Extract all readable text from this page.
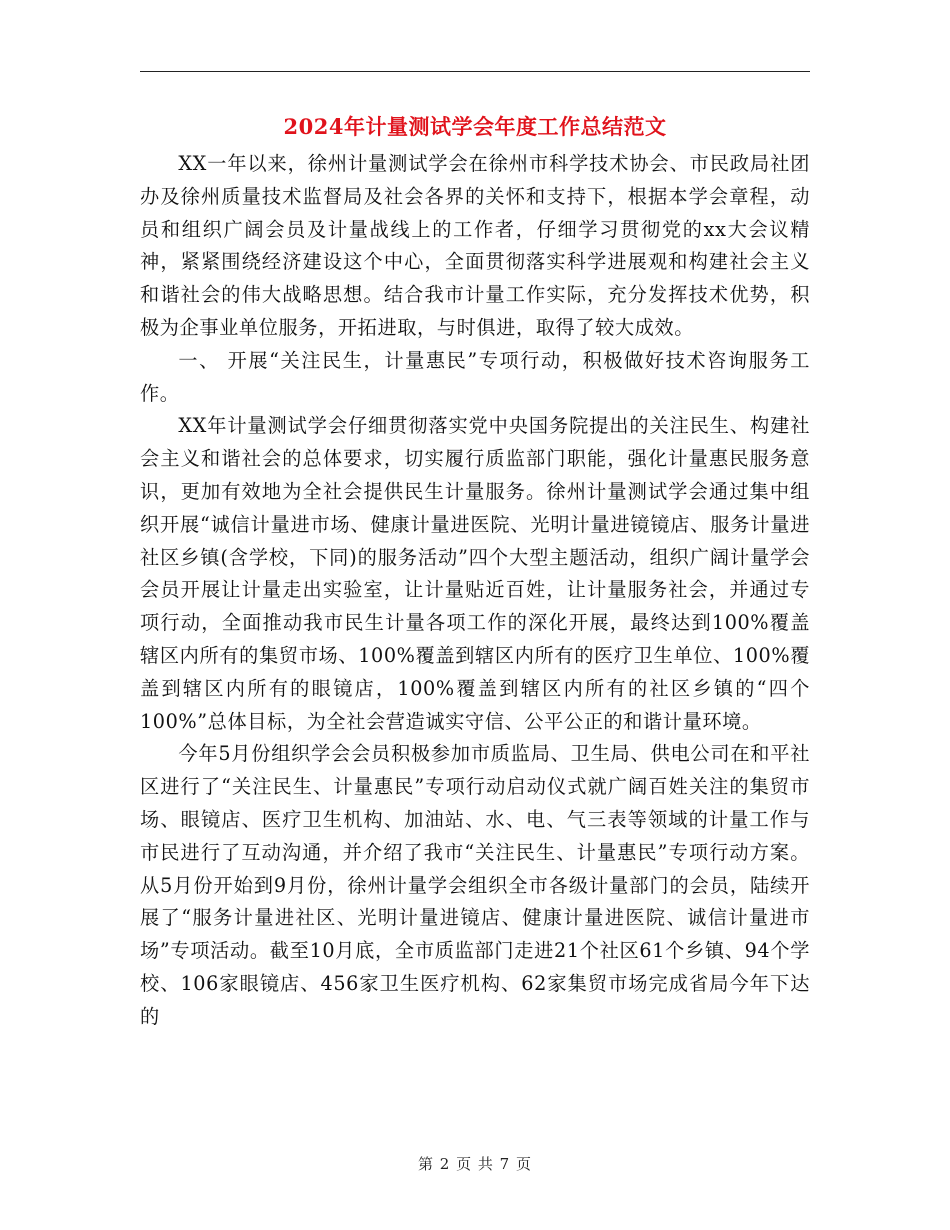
2024年计量测试学会年度工作总结范文

XX一年以来，徐州计量测试学会在徐州市科学技术协会、市民政局社团办及徐州质量技术监督局及社会各界的关怀和支持下，根据本学会章程，动员和组织广阔会员及计量战线上的工作者，仔细学习贯彻党的xx大会议精神，紧紧围绕经济建设这个中心，全面贯彻落实科学进展观和构建社会主义和谐社会的伟大战略思想。结合我市计量工作实际，充分发挥技术优势，积极为企事业单位服务，开拓进取，与时俱进，取得了较大成效。

一、 开展“关注民生，计量惠民”专项行动，积极做好技术咨询服务工作。

XX年计量测试学会仔细贯彻落实党中央国务院提出的关注民生、构建社会主义和谐社会的总体要求，切实履行质监部门职能，强化计量惠民服务意识，更加有效地为全社会提供民生计量服务。徐州计量测试学会通过集中组织开展“诚信计量进市场、健康计量进医院、光明计量进镜镜店、服务计量进社区乡镇(含学校，下同)的服务活动”四个大型主题活动，组织广阔计量学会会员开展让计量走出实验室，让计量贴近百姓，让计量服务社会，并通过专项行动，全面推动我市民生计量各项工作的深化开展，最终达到100%覆盖辖区内所有的集贸市场、100%覆盖到辖区内所有的医疗卫生单位、100%覆盖到辖区内所有的眼镜店，100%覆盖到辖区内所有的社区乡镇的“四个100%”总体目标，为全社会营造诚实守信、公平公正的和谐计量环境。

今年5月份组织学会会员积极参加市质监局、卫生局、供电公司在和平社区进行了“关注民生、计量惠民”专项行动启动仪式就广阔百姓关注的集贸市场、眼镜店、医疗卫生机构、加油站、水、电、气三表等领域的计量工作与市民进行了互动沟通，并介绍了我市“关注民生、计量惠民”专项行动方案。从5月份开始到9月份，徐州计量学会组织全市各级计量部门的会员，陆续开展了“服务计量进社区、光明计量进镜店、健康计量进医院、诚信计量进市场”专项活动。截至10月底，全市质监部门走进21个社区61个乡镇、94个学校、106家眼镜店、456家卫生医疗机构、62家集贸市场完成省局今年下达的

第 2 页 共 7 页
